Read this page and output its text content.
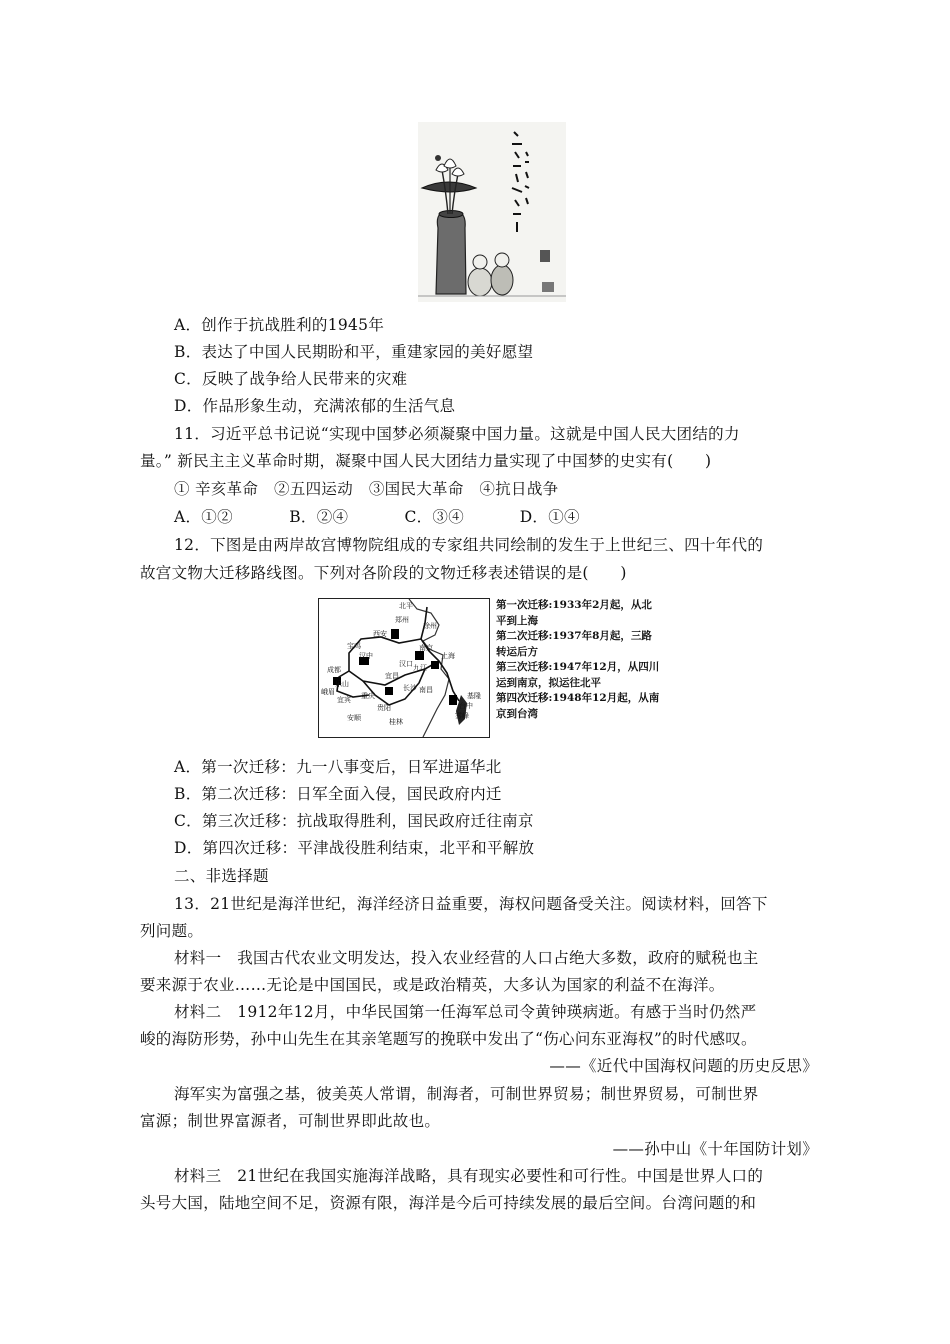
A．创作于抗战胜利的1945年
B．表达了中国人民期盼和平，重建家园的美好愿望
C．反映了战争给人民带来的灾难
D．作品形象生动，充满浓郁的生活气息
11．习近平总书记说“实现中国梦必须凝聚中国力量。这就是中国人民大团结的力
量。” 新民主主义革命时期，凝聚中国人民大团结力量实现了中国梦的史实有(　　)
① 辛亥革命　②五四运动　③国民大革命　④抗日战争
A．①②	B．②④	C．③④	D．①④
12．下图是由两岸故宫博物院组成的专家组共同绘制的发生于上世纪三、四十年代的
故宫文物大迁移路线图。下列对各阶段的文物迁移表述错误的是(　　)
北平
西安
宝鸡
汉中
成都
峨眉
乐山
宜宾 重庆
贵阳
安顺	桂林
宜昌
汉口 九江
长沙 南昌
南京
上海
郑州
徐州
基隆
台中
雾峰
第一次迁移:1933年2月起，从北
平到上海
第二次迁移:1937年8月起，三路
转运后方
第三次迁移:1947年12月，从四川
运到南京，拟运往北平
第四次迁移:1948年12月起，从南
京到台湾
A．第一次迁移：九一八事变后，日军进逼华北
B．第二次迁移：日军全面入侵，国民政府内迁
C．第三次迁移：抗战取得胜利，国民政府迁往南京
D．第四次迁移：平津战役胜利结束，北平和平解放
二、非选择题
13．21世纪是海洋世纪，海洋经济日益重要，海权问题备受关注。阅读材料，回答下
列问题。
材料一　我国古代农业文明发达，投入农业经营的人口占绝大多数，政府的赋税也主
要来源于农业……无论是中国国民，或是政治精英，大多认为国家的利益不在海洋。
材料二　1912年12月，中华民国第一任海军总司令黄钟瑛病逝。有感于当时仍然严
峻的海防形势，孙中山先生在其亲笔题写的挽联中发出了“伤心问东亚海权”的时代感叹。
——《近代中国海权问题的历史反思》
海军实为富强之基，彼美英人常谓，制海者，可制世界贸易；制世界贸易，可制世界
富源；制世界富源者，可制世界即此故也。
——孙中山《十年国防计划》
材料三　21世纪在我国实施海洋战略，具有现实必要性和可行性。中国是世界人口的
头号大国，陆地空间不足，资源有限，海洋是今后可持续发展的最后空间。台湾问题的和
